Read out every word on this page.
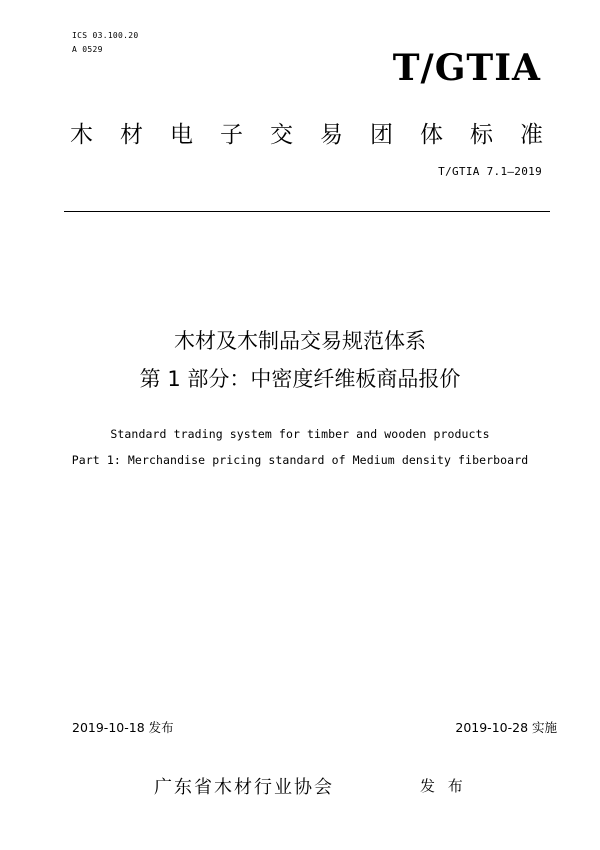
ICS 03.100.20
A 0529	T/GTIA
木材电子交易团体标准
T/GTIA 7.1—2019
木材及木制品交易规范体系
第 1 部分：中密度纤维板商品报价
Standard trading system for timber and wooden products
Part 1: Merchandise pricing standard of Medium density fiberboard
2019-10-18 发布	2019-10-28 实施
广东省木材行业协会	发 布
